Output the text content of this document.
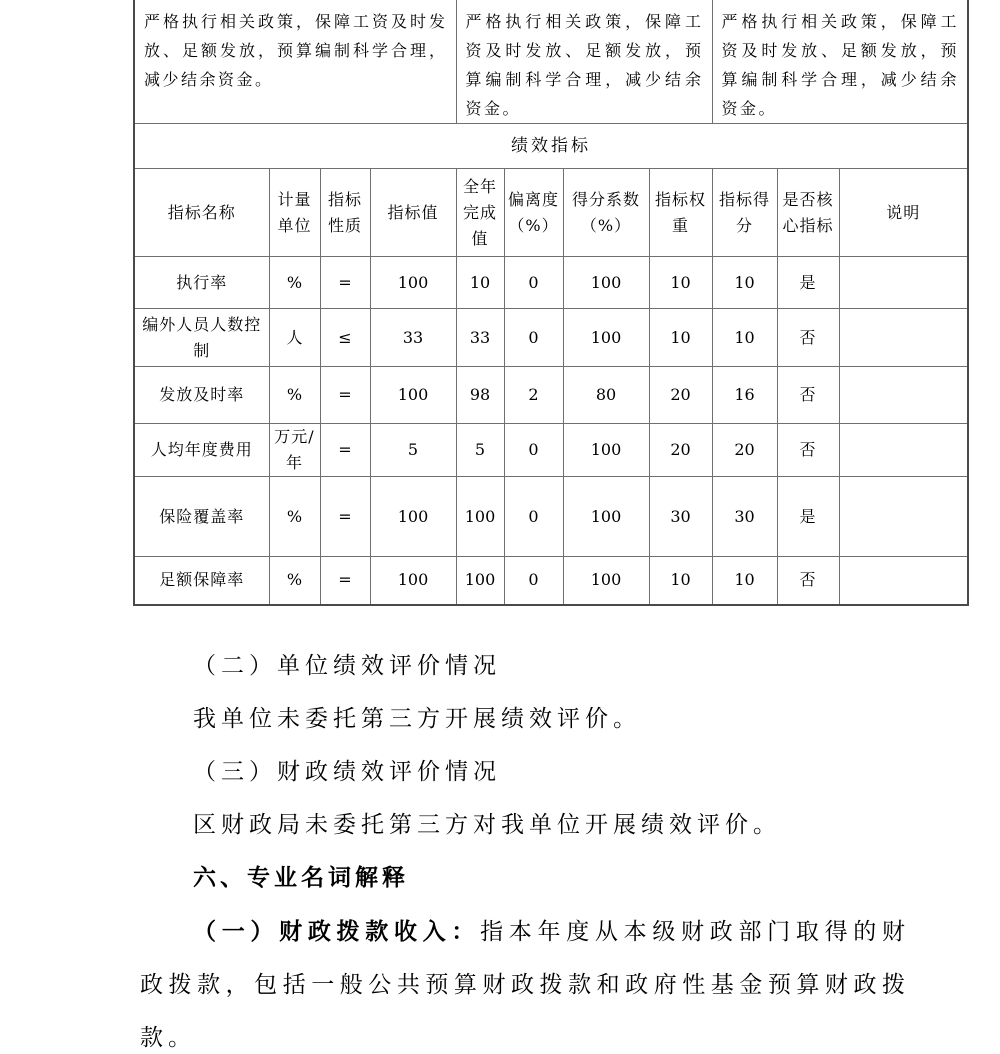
严格执行相关政策，保障工资及时发放、足额发放，预算编制科学合理，减少结余资金。				严格执行相关政策，保障工资及时发放、足额发放，预算编制科学合理，减少结余资金。				严格执行相关政策，保障工资及时发放、足额发放，预算编制科学合理，减少结余资金。		
绩效指标										
指标名称	计量单位	指标性质	指标值	全年完成值	偏离度（%）	得分系数（%）	指标权重	指标得分	是否核心指标	说明
执行率	%	=	100	10	0	100	10	10	是	
编外人员人数控制	人	≤	33	33	0	100	10	10	否	
发放及时率	%	=	100	98	2	80	20	16	否	
人均年度费用	万元/年	=	5	5	0	100	20	20	否	
保险覆盖率	%	=	100	100	0	100	30	30	是	
足额保障率	%	=	100	100	0	100	10	10	否	

（二）单位绩效评价情况

我单位未委托第三方开展绩效评价。

（三）财政绩效评价情况

区财政局未委托第三方对我单位开展绩效评价。

六、专业名词解释

（一）财政拨款收入：指本年度从本级财政部门取得的财政拨款，包括一般公共预算财政拨款和政府性基金预算财政拨款。
